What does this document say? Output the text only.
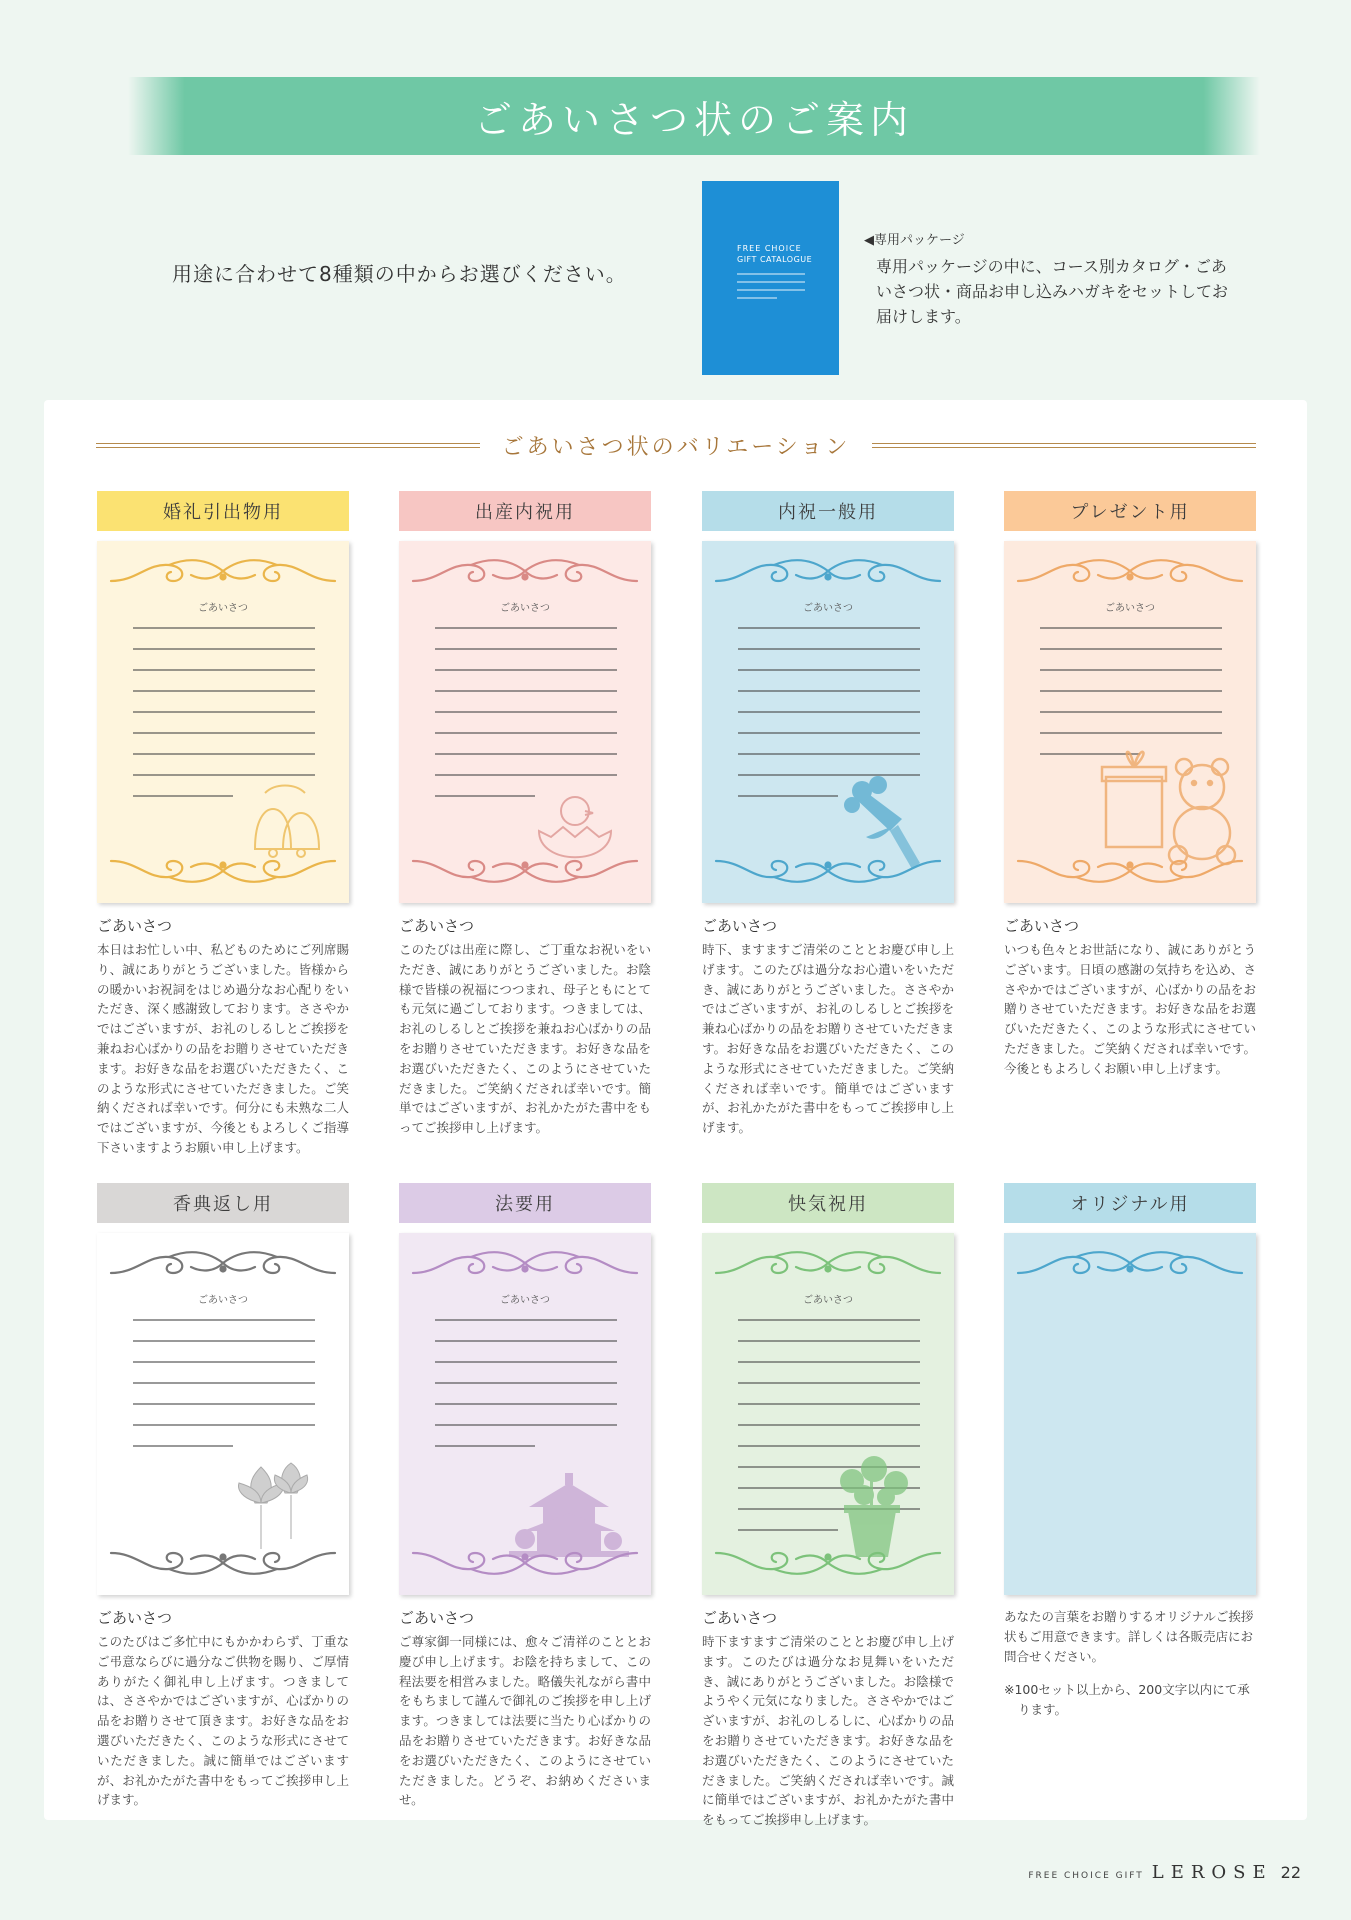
ごあいさつ状のご案内
用途に合わせて8種類の中からお選びください。
FREE CHOICE
GIFT CATALOGUE
◀専用パッケージ
専用パッケージの中に、コース別カタログ・ごあいさつ状・商品お申し込みハガキをセットしてお届けします。
ごあいさつ状のバリエーション
婚礼引出物用
ごあいさつ
ごあいさつ
本日はお忙しい中、私どものためにご列席賜り、誠にありがとうございました。皆様からの暖かいお祝詞をはじめ過分なお心配りをいただき、深く感謝致しております。ささやかではございますが、お礼のしるしとご挨拶を兼ねお心ばかりの品をお贈りさせていただきます。お好きな品をお選びいただきたく、このような形式にさせていただきました。ご笑納くだされば幸いです。何分にも未熟な二人ではございますが、今後ともよろしくご指導下さいますようお願い申し上げます。
出産内祝用
ごあいさつ
ごあいさつ
このたびは出産に際し、ご丁重なお祝いをいただき、誠にありがとうございました。お陰様で皆様の祝福につつまれ、母子ともにとても元気に過ごしております。つきましては、お礼のしるしとご挨拶を兼ねお心ばかりの品をお贈りさせていただきます。お好きな品をお選びいただきたく、このようにさせていただきました。ご笑納くだされば幸いです。簡単ではございますが、お礼かたがた書中をもってご挨拶申し上げます。
内祝一般用
ごあいさつ
ごあいさつ
時下、ますますご清栄のこととお慶び申し上げます。このたびは過分なお心遣いをいただき、誠にありがとうございました。ささやかではございますが、お礼のしるしとご挨拶を兼ね心ばかりの品をお贈りさせていただきます。お好きな品をお選びいただきたく、このような形式にさせていただきました。ご笑納くだされば幸いです。簡単ではございますが、お礼かたがた書中をもってご挨拶申し上げます。
プレゼント用
ごあいさつ
ごあいさつ
いつも色々とお世話になり、誠にありがとうございます。日頃の感謝の気持ちを込め、ささやかではございますが、心ばかりの品をお贈りさせていただきます。お好きな品をお選びいただきたく、このような形式にさせていただきました。ご笑納くだされば幸いです。今後ともよろしくお願い申し上げます。
香典返し用
ごあいさつ
ごあいさつ
このたびはご多忙中にもかかわらず、丁重なご弔意ならびに過分なご供物を賜り、ご厚情ありがたく御礼申し上げます。つきましては、ささやかではございますが、心ばかりの品をお贈りさせて頂きます。お好きな品をお選びいただきたく、このような形式にさせていただきました。誠に簡単ではございますが、お礼かたがた書中をもってご挨拶申し上げます。
法要用
ごあいさつ
ごあいさつ
ご尊家御一同様には、愈々ご清祥のこととお慶び申し上げます。お陰を持ちまして、この程法要を相営みました。略儀失礼ながら書中をもちまして謹んで御礼のご挨拶を申し上げます。つきましては法要に当たり心ばかりの品をお贈りさせていただきます。お好きな品をお選びいただきたく、このようにさせていただきました。どうぞ、お納めくださいませ。
快気祝用
ごあいさつ
ごあいさつ
時下ますますご清栄のこととお慶び申し上げます。このたびは過分なお見舞いをいただき、誠にありがとうございました。お陰様でようやく元気になりました。ささやかではございますが、お礼のしるしに、心ばかりの品をお贈りさせていただきます。お好きな品をお選びいただきたく、このようにさせていただきました。ご笑納くだされば幸いです。誠に簡単ではございますが、お礼かたがた書中をもってご挨拶申し上げます。
オリジナル用
あなたの言葉をお贈りするオリジナルご挨拶状もご用意できます。詳しくは各販売店にお問合せください。
※100セット以上から、200文字以内にて承ります。
FREE CHOICE GIFT LEROSE 22
